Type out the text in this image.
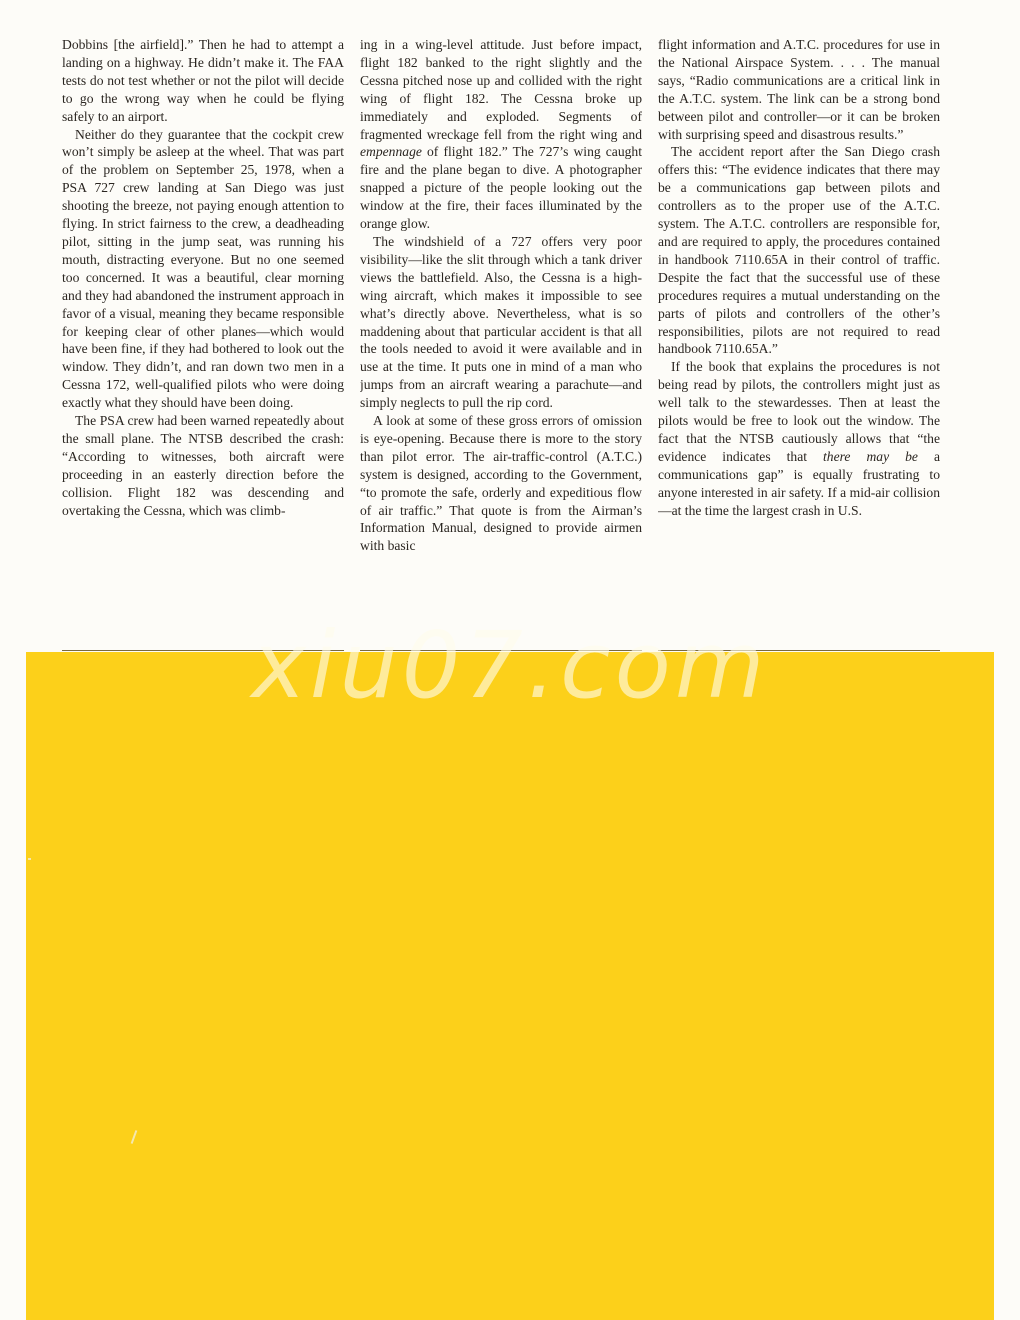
Dobbins [the airfield].” Then he had to attempt a landing on a highway. He didn’t make it. The FAA tests do not test whether or not the pilot will decide to go the wrong way when he could be flying safely to an airport.

Neither do they guarantee that the cockpit crew won’t simply be asleep at the wheel. That was part of the problem on September 25, 1978, when a PSA 727 crew landing at San Diego was just shooting the breeze, not paying enough attention to flying. In strict fairness to the crew, a deadheading pilot, sitting in the jump seat, was running his mouth, distracting everyone. But no one seemed too concerned. It was a beautiful, clear morning and they had abandoned the instrument approach in favor of a visual, meaning they became responsible for keeping clear of other planes—which would have been fine, if they had bothered to look out the window. They didn’t, and ran down two men in a Cessna 172, well-qualified pilots who were doing exactly what they should have been doing.

The PSA crew had been warned repeatedly about the small plane. The NTSB described the crash: “According to witnesses, both aircraft were proceeding in an easterly direction before the collision. Flight 182 was descending and overtaking the Cessna, which was climb-

ing in a wing-level attitude. Just before impact, flight 182 banked to the right slightly and the Cessna pitched nose up and collided with the right wing of flight 182. The Cessna broke up immediately and exploded. Segments of fragmented wreckage fell from the right wing and empennage of flight 182.” The 727’s wing caught fire and the plane began to dive. A photographer snapped a picture of the people looking out the window at the fire, their faces illuminated by the orange glow.

The windshield of a 727 offers very poor visibility—like the slit through which a tank driver views the battlefield. Also, the Cessna is a high-wing aircraft, which makes it impossible to see what’s directly above. Nevertheless, what is so maddening about that particular accident is that all the tools needed to avoid it were available and in use at the time. It puts one in mind of a man who jumps from an aircraft wearing a parachute—and simply neglects to pull the rip cord.

A look at some of these gross errors of omission is eye-opening. Because there is more to the story than pilot error. The air-traffic-control (A.T.C.) system is designed, according to the Government, “to promote the safe, orderly and expeditious flow of air traffic.” That quote is from the Airman’s Information Manual, designed to provide airmen with basic

flight information and A.T.C. procedures for use in the National Airspace System. . . . The manual says, “Radio communications are a critical link in the A.T.C. system. The link can be a strong bond between pilot and controller—or it can be broken with surprising speed and disastrous results.”

The accident report after the San Diego crash offers this: “The evidence indicates that there may be a communications gap between pilots and controllers as to the proper use of the A.T.C. system. The A.T.C. controllers are responsible for, and are required to apply, the procedures contained in handbook 7110.65A in their control of traffic. Despite the fact that the successful use of these procedures requires a mutual understanding on the parts of pilots and controllers of the other’s responsibilities, pilots are not required to read handbook 7110.65A.”

If the book that explains the procedures is not being read by pilots, the controllers might just as well talk to the stewardesses. Then at least the pilots would be free to look out the window. The fact that the NTSB cautiously allows that “the evidence indicates that there may be a communications gap” is equally frustrating to anyone interested in air safety. If a mid-air collision—at the time the largest crash in U.S.

xiu07.com
